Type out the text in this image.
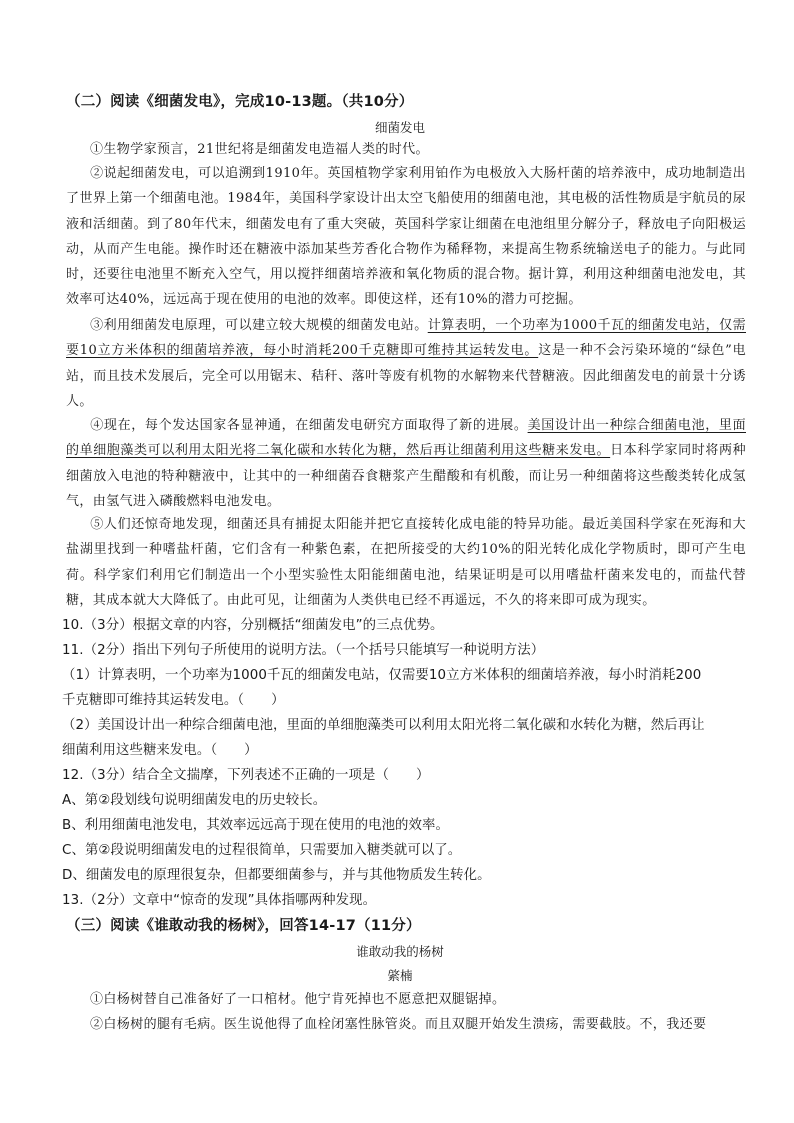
（二）阅读《细菌发电》，完成10-13题。（共10分）
细菌发电
①生物学家预言，21世纪将是细菌发电造福人类的时代。
②说起细菌发电，可以追溯到1910年。英国植物学家利用铂作为电极放入大肠杆菌的培养液中，成功地制造出了世界上第一个细菌电池。1984年，美国科学家设计出太空飞船使用的细菌电池，其电极的活性物质是宇航员的尿液和活细菌。到了80年代末，细菌发电有了重大突破，英国科学家让细菌在电池组里分解分子，释放电子向阳极运动，从而产生电能。操作时还在糖液中添加某些芳香化合物作为稀释物，来提高生物系统输送电子的能力。与此同时，还要往电池里不断充入空气，用以搅拌细菌培养液和氧化物质的混合物。据计算，利用这种细菌电池发电，其效率可达40%，远远高于现在使用的电池的效率。即使这样，还有10%的潜力可挖掘。
③利用细菌发电原理，可以建立较大规模的细菌发电站。计算表明，一个功率为1000千瓦的细菌发电站，仅需要10立方米体积的细菌培养液，每小时消耗200千克糖即可维持其运转发电。这是一种不会污染环境的“绿色”电站，而且技术发展后，完全可以用锯末、秸秆、落叶等废有机物的水解物来代替糖液。因此细菌发电的前景十分诱人。
④现在，每个发达国家各显神通，在细菌发电研究方面取得了新的进展。美国设计出一种综合细菌电池，里面的单细胞藻类可以利用太阳光将二氧化碳和水转化为糖，然后再让细菌利用这些糖来发电。日本科学家同时将两种细菌放入电池的特种糖液中，让其中的一种细菌吞食糖浆产生醋酸和有机酸，而让另一种细菌将这些酸类转化成氢气，由氢气进入磷酸燃料电池发电。
⑤人们还惊奇地发现，细菌还具有捕捉太阳能并把它直接转化成电能的特异功能。最近美国科学家在死海和大盐湖里找到一种嗜盐杆菌，它们含有一种紫色素，在把所接受的大约10%的阳光转化成化学物质时，即可产生电荷。科学家们利用它们制造出一个小型实验性太阳能细菌电池，结果证明是可以用嗜盐杆菌来发电的，而盐代替糖，其成本就大大降低了。由此可见，让细菌为人类供电已经不再遥远，不久的将来即可成为现实。
10.（3分）根据文章的内容，分别概括“细菌发电”的三点优势。
11.（2分）指出下列句子所使用的说明方法。（一个括号只能填写一种说明方法）
（1）计算表明，一个功率为1000千瓦的细菌发电站，仅需要10立方米体积的细菌培养液，每小时消耗200
千克糖即可维持其运转发电。（　　）
（2）美国设计出一种综合细菌电池，里面的单细胞藻类可以利用太阳光将二氧化碳和水转化为糖，然后再让
细菌利用这些糖来发电。（　　）
12.（3分）结合全文揣摩，下列表述不正确的一项是（　　）
A、第②段划线句说明细菌发电的历史较长。
B、利用细菌电池发电，其效率远远高于现在使用的电池的效率。
C、第②段说明细菌发电的过程很简单，只需要加入糖类就可以了。
D、细菌发电的原理很复杂，但都要细菌参与，并与其他物质发生转化。
13.（2分）文章中“惊奇的发现”具体指哪两种发现。
（三）阅读《谁敢动我的杨树》，回答14-17（11分）
谁敢动我的杨树
綮楠
①白杨树替自己准备好了一口棺材。他宁肯死掉也不愿意把双腿锯掉。
②白杨树的腿有毛病。医生说他得了血栓闭塞性脉管炎。而且双腿开始发生溃疡，需要截肢。不，我还要
